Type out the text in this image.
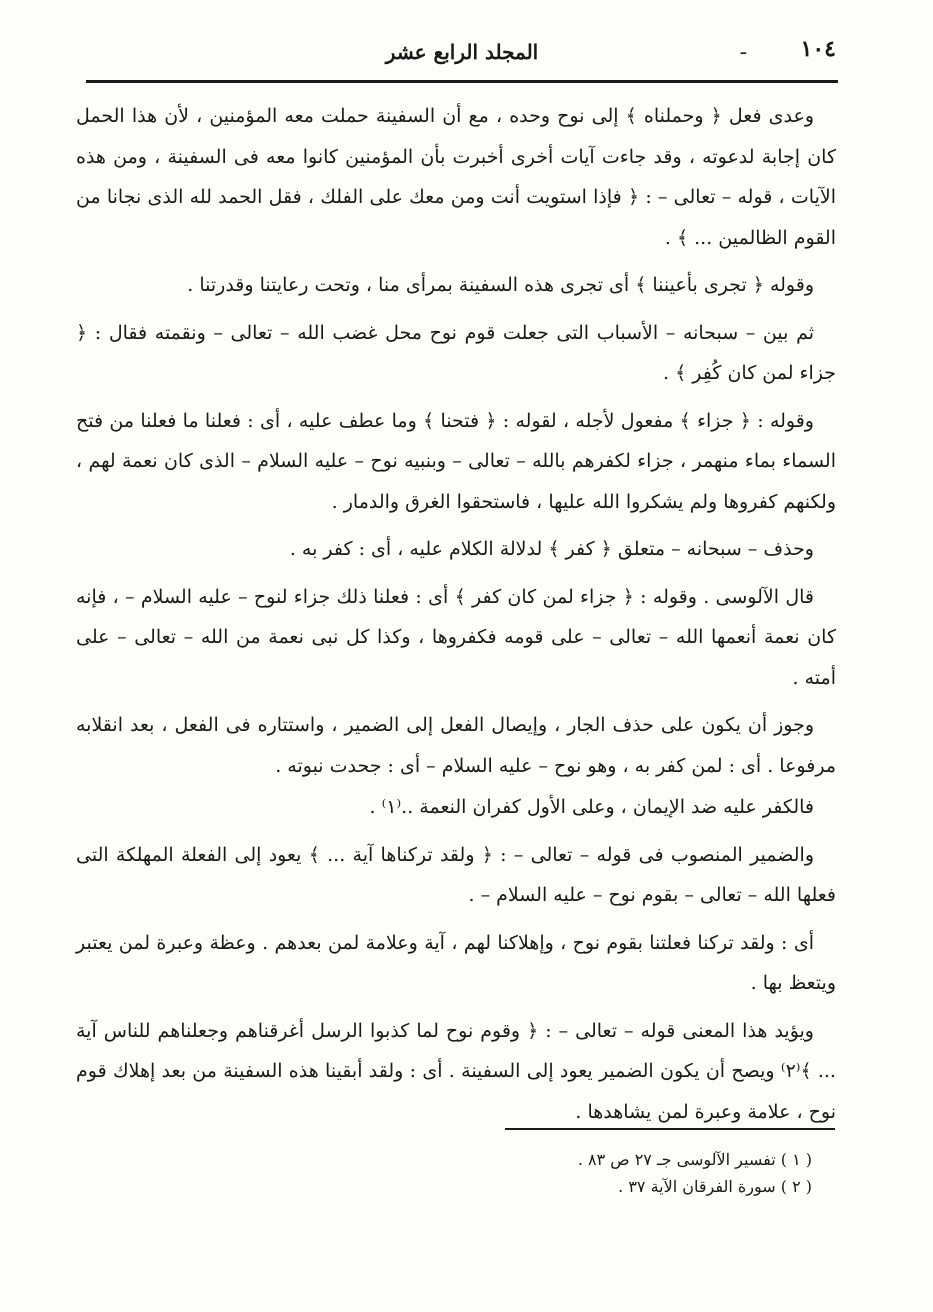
١٠٤
ـ
المجلد الرابع عشر

وعدى فعل ﴿ وحملناه ﴾ إلى نوح وحده ، مع أن السفينة حملت معه المؤمنين ، لأن هذا الحمل كان إجابة لدعوته ، وقد جاءت آيات أخرى أخبرت بأن المؤمنين كانوا معه فى السفينة ، ومن هذه الآيات ، قوله – تعالى – : ﴿ فإذا استويت أنت ومن معك على الفلك ، فقل الحمد لله الذى نجانا من القوم الظالمين ... ﴾ .

وقوله ﴿ تجرى بأعيننا ﴾ أى تجرى هذه السفينة بمرأى منا ، وتحت رعايتنا وقدرتنا .

ثم بين – سبحانه – الأسباب التى جعلت قوم نوح محل غضب الله – تعالى – ونقمته فقال : ﴿ جزاء لمن كان كُفِر ﴾ .

وقوله : ﴿ جزاء ﴾ مفعول لأجله ، لقوله : ﴿ فتحنا ﴾ وما عطف عليه ، أى : فعلنا ما فعلنا من فتح السماء بماء منهمر ، جزاء لكفرهم بالله – تعالى – وبنبيه نوح – عليه السلام – الذى كان نعمة لهم ، ولكنهم كفروها ولم يشكروا الله عليها ، فاستحقوا الغرق والدمار .

وحذف – سبحانه – متعلق ﴿ كفر ﴾ لدلالة الكلام عليه ، أى : كفر به .

قال الآلوسى . وقوله : ﴿ جزاء لمن كان كفر ﴾ أى : فعلنا ذلك جزاء لنوح – عليه السلام – ، فإنه كان نعمة أنعمها الله – تعالى – على قومه فكفروها ، وكذا كل نبى نعمة من الله – تعالى – على أمته .

وجوز أن يكون على حذف الجار ، وإيصال الفعل إلى الضمير ، واستتاره فى الفعل ، بعد انقلابه مرفوعا . أى : لمن كفر به ، وهو نوح – عليه السلام – أى : جحدت نبوته .

فالكفر عليه ضد الإيمان ، وعلى الأول كفران النعمة ..⁽١⁾ .

والضمير المنصوب فى قوله – تعالى – : ﴿ ولقد تركناها آية ... ﴾ يعود إلى الفعلة المهلكة التى فعلها الله – تعالى – بقوم نوح – عليه السلام – .

أى : ولقد تركنا فعلتنا بقوم نوح ، وإهلاكنا لهم ، آية وعلامة لمن بعدهم . وعظة وعبرة لمن يعتبر ويتعظ بها .

ويؤيد هذا المعنى قوله – تعالى – : ﴿ وقوم نوح لما كذبوا الرسل أغرقناهم وجعلناهم للناس آية ... ﴾⁽٢⁾ ويصح أن يكون الضمير يعود إلى السفينة . أى : ولقد أبقينا هذه السفينة من بعد إهلاك قوم نوح ، علامة وعبرة لمن يشاهدها .

( ١ ) تفسير الآلوسى جـ ٢٧ ص ٨٣ .
( ٢ ) سورة الفرقان الآية ٣٧ .
